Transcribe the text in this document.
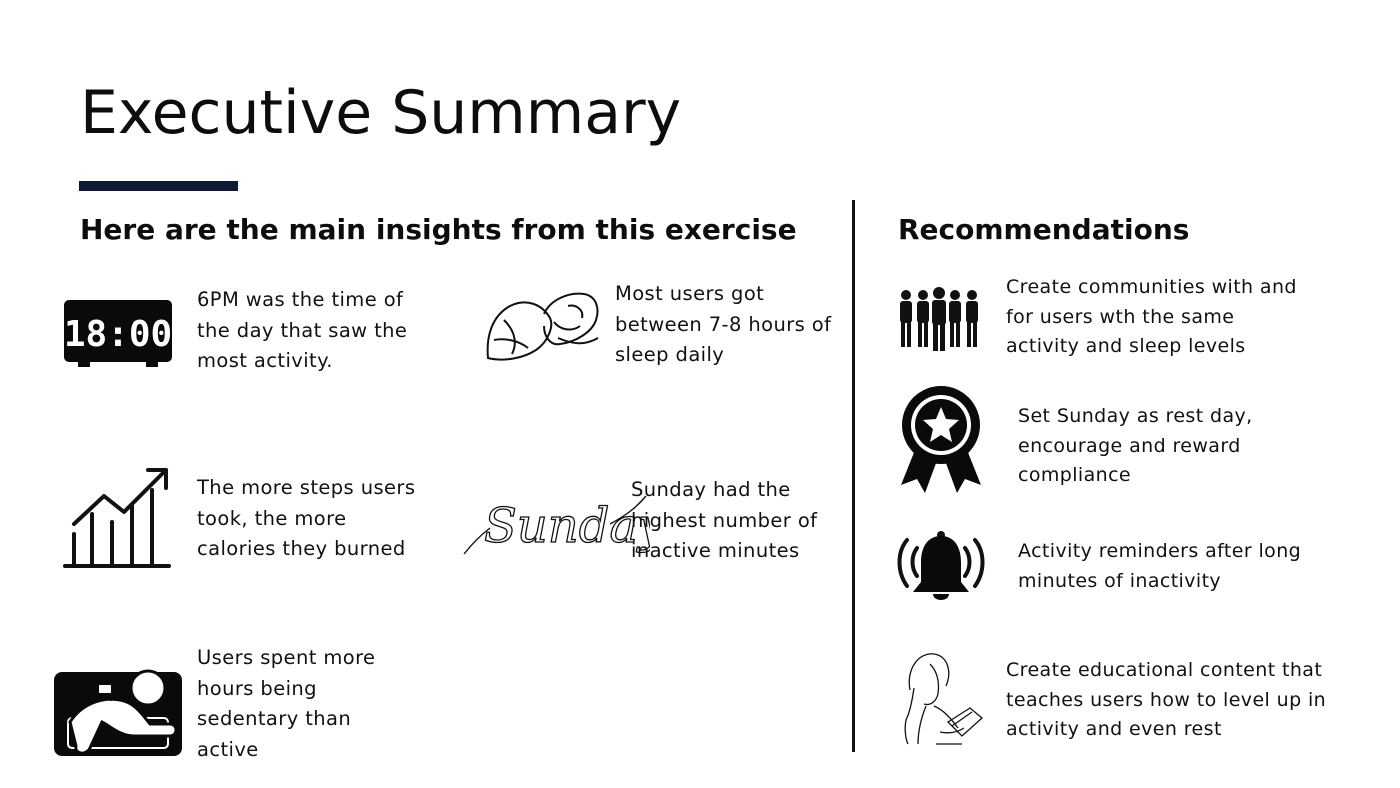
Executive Summary
Here are the main insights from this exercise	Recommendations
18:00
6PM was the time of
the day that saw the
most activity.
Most users got
between 7-8 hours of
sleep daily
The more steps users
took, the more
calories they burned Sunday
Sunday had the
highest number of
inactive minutes
Users spent more
hours being
sedentary than
active
Create communities with and
for users wth the same
activity and sleep levels
Set Sunday as rest day,
encourage and reward
compliance
Activity reminders after long
minutes of inactivity
Create educational content that
teaches users how to level up in
activity and even rest
